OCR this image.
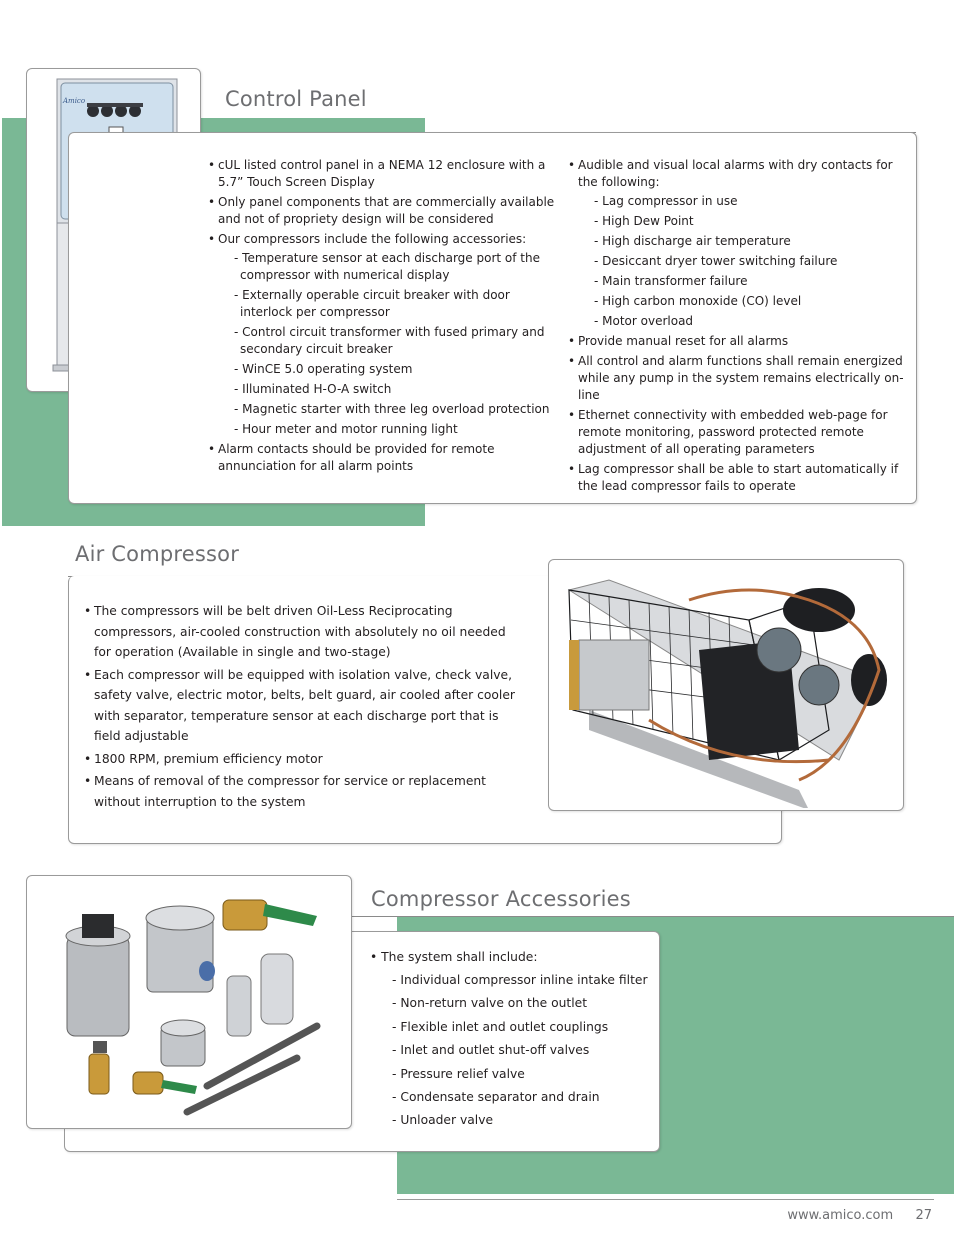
Amico	Control Panel
• cUL listed control panel in a NEMA 12 enclosure with a 5.7” Touch Screen Display
• Only panel components that are commercially available and not of propriety design will be considered
• Our compressors include the following accessories:
- Temperature sensor at each discharge port of the compressor with numerical display
- Externally operable circuit breaker with door interlock per compressor
- Control circuit transformer with fused primary and secondary circuit breaker
- WinCE 5.0 operating system
- Illuminated H-O-A switch
- Magnetic starter with three leg overload protection
- Hour meter and motor running light
• Alarm contacts should be provided for remote annunciation for all alarm points
• Audible and visual local alarms with dry contacts for the following:
- Lag compressor in use
- High Dew Point
- High discharge air temperature
- Desiccant dryer tower switching failure
- Main transformer failure
- High carbon monoxide (CO) level
- Motor overload
• Provide manual reset for all alarms
• All control and alarm functions shall remain energized while any pump in the system remains electrically on-line
• Ethernet connectivity with embedded web-page for remote monitoring, password protected remote adjustment of all operating parameters
• Lag compressor shall be able to start automatically if the lead compressor fails to operate
Air Compressor
• The compressors will be belt driven Oil-Less Reciprocating compressors, air-cooled construction with absolutely no oil needed for operation (Available in single and two-stage)
• Each compressor will be equipped with isolation valve, check valve, safety valve, electric motor, belts, belt guard, air cooled after cooler with separator, temperature sensor at each discharge port that is field adjustable
• 1800 RPM, premium efficiency motor
• Means of removal of the compressor for service or replacement without interruption to the system
Compressor Accessories
• The system shall include:
- Individual compressor inline intake filter
- Non-return valve on the outlet
- Flexible inlet and outlet couplings
- Inlet and outlet shut-off valves
- Pressure relief valve
- Condensate separator and drain
- Unloader valve
www.amico.com 27
